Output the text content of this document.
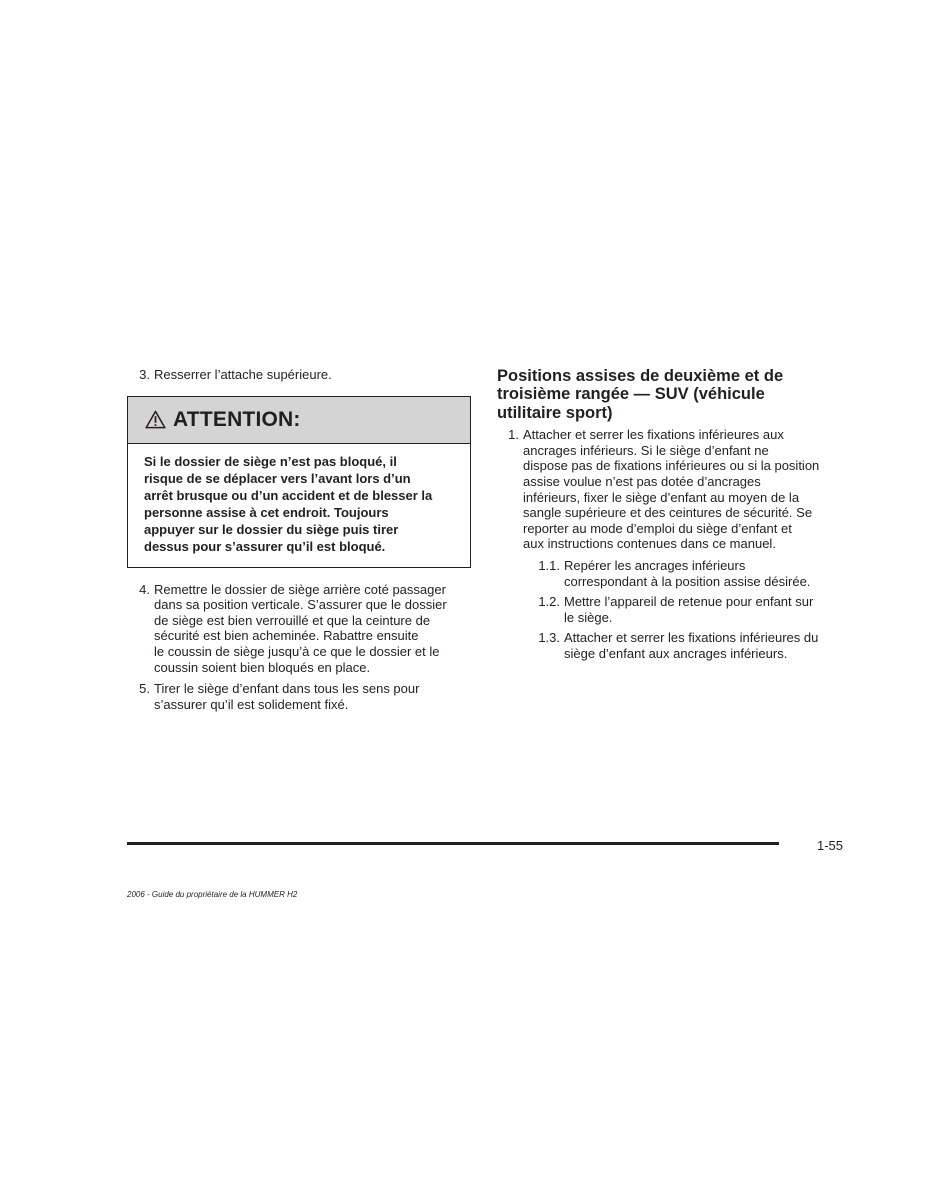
3. Resserrer l’attache supérieure.
ATTENTION:
Si le dossier de siège n’est pas bloqué, il
risque de se déplacer vers l’avant lors d’un
arrêt brusque ou d’un accident et de blesser la
personne assise à cet endroit. Toujours
appuyer sur le dossier du siège puis tirer
dessus pour s’assurer qu’il est bloqué.
4. Remettre le dossier de siège arrière coté passager
dans sa position verticale. S’assurer que le dossier
de siège est bien verrouillé et que la ceinture de
sécurité est bien acheminée. Rabattre ensuite
le coussin de siège jusqu’à ce que le dossier et le
coussin soient bien bloqués en place.
5. Tirer le siège d’enfant dans tous les sens pour
s’assurer qu’il est solidement fixé.
Positions assises de deuxième et de
troisième rangée — SUV (véhicule
utilitaire sport)
1. Attacher et serrer les fixations inférieures aux
ancrages inférieurs. Si le siège d’enfant ne
dispose pas de fixations inférieures ou si la position
assise voulue n’est pas dotée d’ancrages
inférieurs, fixer le siège d’enfant au moyen de la
sangle supérieure et des ceintures de sécurité. Se
reporter au mode d’emploi du siège d’enfant et
aux instructions contenues dans ce manuel.
1.1. Repérer les ancrages inférieurs
correspondant à la position assise désirée.
1.2. Mettre l’appareil de retenue pour enfant sur
le siège.
1.3. Attacher et serrer les fixations inférieures du
siège d’enfant aux ancrages inférieurs.
1-55
2006 - Guide du propriétaire de la HUMMER H2
